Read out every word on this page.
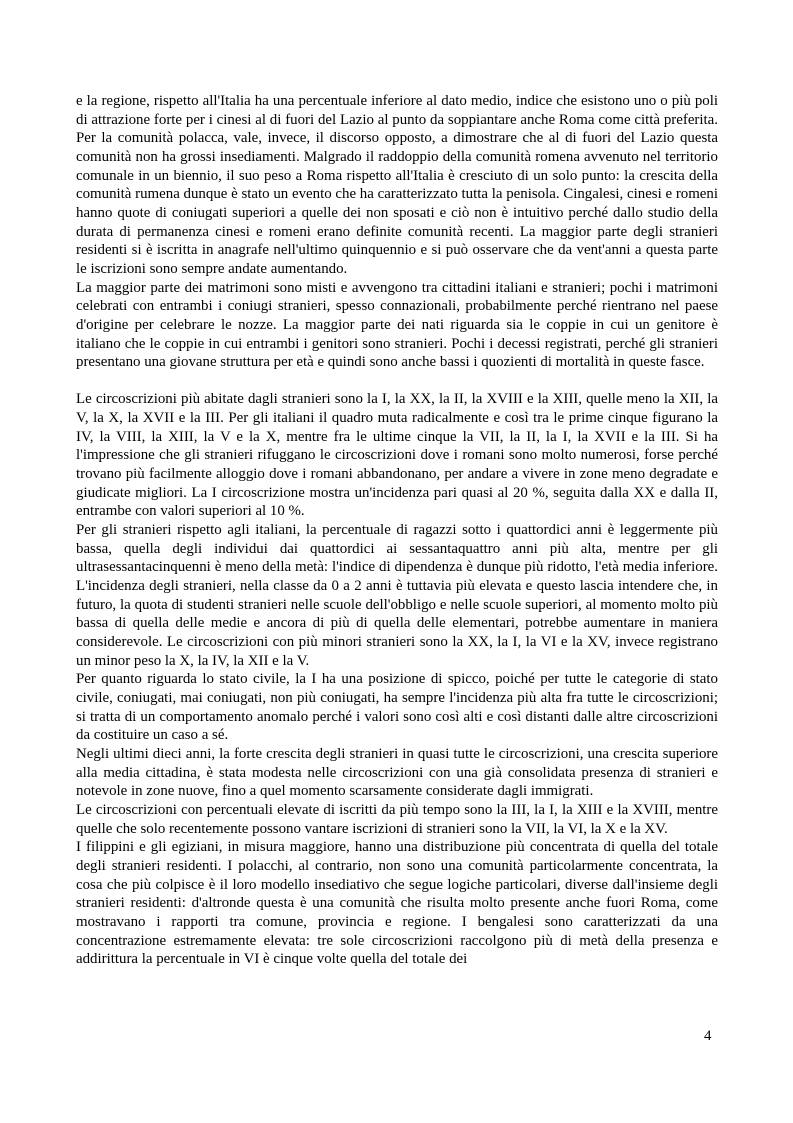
e la regione, rispetto all'Italia ha una percentuale inferiore al dato medio, indice che esistono uno o più poli di attrazione forte per i cinesi al di fuori del Lazio al punto da soppiantare anche Roma come città preferita. Per la comunità polacca, vale, invece, il discorso opposto, a dimostrare che al di fuori del Lazio questa comunità non ha grossi insediamenti. Malgrado il raddoppio della comunità romena avvenuto nel territorio comunale in un biennio, il suo peso a Roma rispetto all'Italia è cresciuto di un solo punto: la crescita della comunità rumena dunque è stato un evento che ha caratterizzato tutta la penisola. Cingalesi, cinesi e romeni hanno quote di coniugati superiori a quelle dei non sposati e ciò non è intuitivo perché dallo studio della durata di permanenza cinesi e romeni erano definite comunità recenti. La maggior parte degli stranieri residenti si è iscritta in anagrafe nell'ultimo quinquennio e si può osservare che da vent'anni a questa parte le iscrizioni sono sempre andate aumentando.

La maggior parte dei matrimoni sono misti e avvengono tra cittadini italiani e stranieri; pochi i matrimoni celebrati con entrambi i coniugi stranieri, spesso connazionali, probabilmente perché rientrano nel paese d'origine per celebrare le nozze. La maggior parte dei nati riguarda sia le coppie in cui un genitore è italiano che le coppie in cui entrambi i genitori sono stranieri. Pochi i decessi registrati, perché gli stranieri presentano una giovane struttura per età e quindi sono anche bassi i quozienti di mortalità in queste fasce.

Le circoscrizioni più abitate dagli stranieri sono la I, la XX, la II, la XVIII e la XIII, quelle meno la XII, la V, la X, la XVII e la III. Per gli italiani il quadro muta radicalmente e così tra le prime cinque figurano la IV, la VIII, la XIII, la V e la X, mentre fra le ultime cinque la VII, la II, la I, la XVII e la III. Si ha l'impressione che gli stranieri rifuggano le circoscrizioni dove i romani sono molto numerosi, forse perché trovano più facilmente alloggio dove i romani abbandonano, per andare a vivere in zone meno degradate e giudicate migliori. La I circoscrizione mostra un'incidenza pari quasi al 20 %, seguita dalla XX e dalla II, entrambe con valori superiori al 10 %.

Per gli stranieri rispetto agli italiani, la percentuale di ragazzi sotto i quattordici anni è leggermente più bassa, quella degli individui dai quattordici ai sessantaquattro anni più alta, mentre per gli ultrasessantacinquenni è meno della metà: l'indice di dipendenza è dunque più ridotto, l'età media inferiore. L'incidenza degli stranieri, nella classe da 0 a 2 anni è tuttavia più elevata e questo lascia intendere che, in futuro, la quota di studenti stranieri nelle scuole dell'obbligo e nelle scuole superiori, al momento molto più bassa di quella delle medie e ancora di più di quella delle elementari, potrebbe aumentare in maniera considerevole. Le circoscrizioni con più minori stranieri sono la XX, la I, la VI e la XV, invece registrano un minor peso la X, la IV, la XII e la V.

Per quanto riguarda lo stato civile, la I ha una posizione di spicco, poiché per tutte le categorie di stato civile, coniugati, mai coniugati, non più coniugati, ha sempre l'incidenza più alta fra tutte le circoscrizioni; si tratta di un comportamento anomalo perché i valori sono così alti e così distanti dalle altre circoscrizioni da costituire un caso a sé.

Negli ultimi dieci anni, la forte crescita degli stranieri in quasi tutte le circoscrizioni, una crescita superiore alla media cittadina, è stata modesta nelle circoscrizioni con una già consolidata presenza di stranieri e notevole in zone nuove, fino a quel momento scarsamente considerate dagli immigrati.

Le circoscrizioni con percentuali elevate di iscritti da più tempo sono la III, la I, la XIII e la XVIII, mentre quelle che solo recentemente possono vantare iscrizioni di stranieri sono la VII, la VI, la X e la XV.

I filippini e gli egiziani, in misura maggiore, hanno una distribuzione più concentrata di quella del totale degli stranieri residenti. I polacchi, al contrario, non sono una comunità particolarmente concentrata, la cosa che più colpisce è il loro modello insediativo che segue logiche particolari, diverse dall'insieme degli stranieri residenti: d'altronde questa è una comunità che risulta molto presente anche fuori Roma, come mostravano i rapporti tra comune, provincia e regione. I bengalesi sono caratterizzati da una concentrazione estremamente elevata: tre sole circoscrizioni raccolgono più di metà della presenza e addirittura la percentuale in VI è cinque volte quella del totale dei

4
